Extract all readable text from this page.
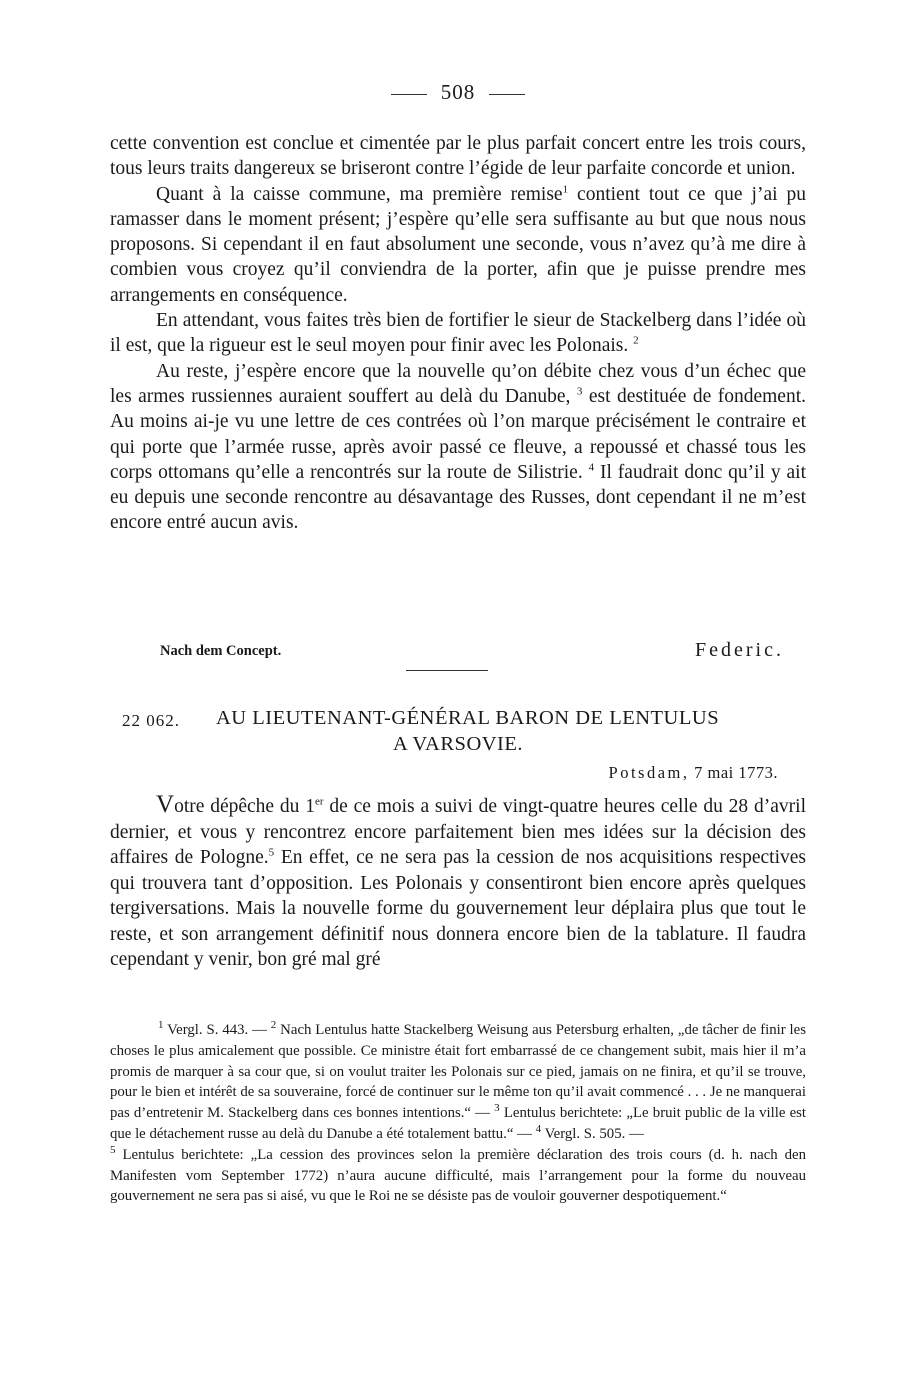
508

cette convention est conclue et cimentée par le plus parfait concert entre les trois cours, tous leurs traits dangereux se briseront contre l’égide de leur parfaite concorde et union.

Quant à la caisse commune, ma première remise$^1$ contient tout ce que j’ai pu ramasser dans le moment présent; j’espère qu’elle sera suffisante au but que nous nous proposons. Si cependant il en faut absolument une seconde, vous n’avez qu’à me dire à combien vous croyez qu’il conviendra de la porter, afin que je puisse prendre mes arrangements en conséquence.

En attendant, vous faites très bien de fortifier le sieur de Stackelberg dans l’idée où il est, que la rigueur est le seul moyen pour finir avec les Polonais. $^2$

Au reste, j’espère encore que la nouvelle qu’on débite chez vous d’un échec que les armes russiennes auraient souffert au delà du Danube, $^3$ est destituée de fondement. Au moins ai-je vu une lettre de ces contrées où l’on marque précisément le contraire et qui porte que l’armée russe, après avoir passé ce fleuve, a repoussé et chassé tous les corps ottomans qu’elle a rencontrés sur la route de Silistrie. $^4$ Il faudrait donc qu’il y ait eu depuis une seconde rencontre au désavantage des Russes, dont cependant il ne m’est encore entré aucun avis.

Nach dem Concept.	Federic.
22 062. AU LIEUTENANT-GÉNÉRAL BARON DE LENTULUS
A VARSOVIE.
Potsdam, 7 mai 1773.

Votre dépêche du 1er de ce mois a suivi de vingt-quatre heures celle du 28 d’avril dernier, et vous y rencontrez encore parfaitement bien mes idées sur la décision des affaires de Pologne.$^5$ En effet, ce ne sera pas la cession de nos acquisitions respectives qui trouvera tant d’opposition. Les Polonais y consentiront bien encore après quelques tergiversations. Mais la nouvelle forme du gouvernement leur déplaira plus que tout le reste, et son arrangement définitif nous donnera encore bien de la tablature. Il faudra cependant y venir, bon gré mal gré

$^1$ Vergl. S. 443. — $^2$ Nach Lentulus hatte Stackelberg Weisung aus Petersburg erhalten, „de tâcher de finir les choses le plus amicalement que possible. Ce ministre était fort embarrassé de ce changement subit, mais hier il m’a promis de marquer à sa cour que, si on voulut traiter les Polonais sur ce pied, jamais on ne finira, et qu’il se trouve, pour le bien et intérêt de sa souveraine, forcé de continuer sur le même ton qu’il avait commencé . . . Je ne manquerai pas d’entretenir M. Stackelberg dans ces bonnes intentions.“ — $^3$ Lentulus berichtete: „Le bruit public de la ville est que le détachement russe au delà du Danube a été totalement battu.“ — $^4$ Vergl. S. 505. —
$^5$ Lentulus berichtete: „La cession des provinces selon la première déclaration des trois cours (d. h. nach den Manifesten vom September 1772) n’aura aucune difficulté, mais l’arrangement pour la forme du nouveau gouvernement ne sera pas si aisé, vu que le Roi ne se désiste pas de vouloir gouverner despotiquement.“
